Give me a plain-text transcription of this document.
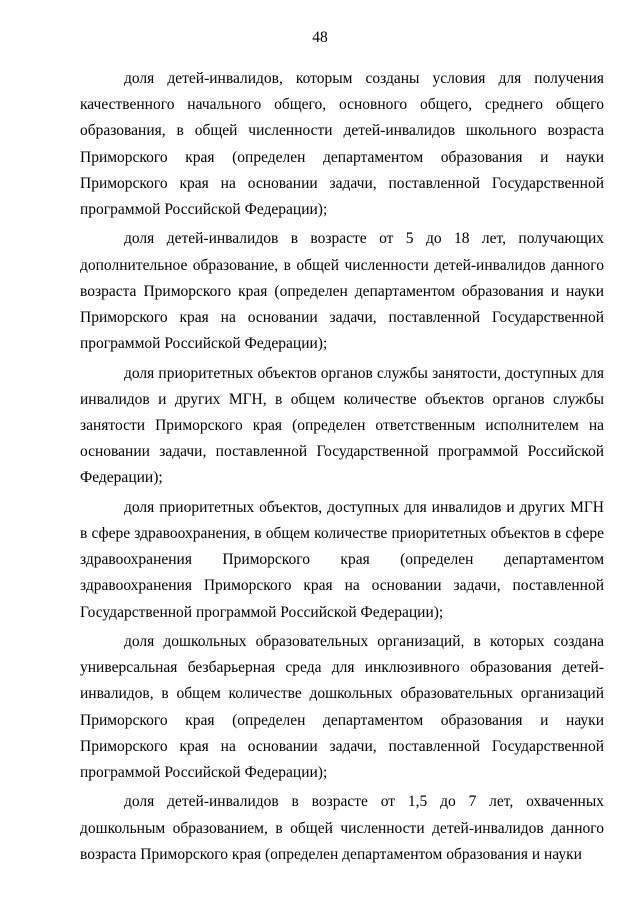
48

доля детей-инвалидов, которым созданы условия для получения качественного начального общего, основного общего, среднего общего образования, в общей численности детей-инвалидов школьного возраста Приморского края (определен департаментом образования и науки Приморского края на основании задачи, поставленной Государственной программой Российской Федерации);

доля детей-инвалидов в возрасте от 5 до 18 лет, получающих дополнительное образование, в общей численности детей-инвалидов данного возраста Приморского края (определен департаментом образования и науки Приморского края на основании задачи, поставленной Государственной программой Российской Федерации);

доля приоритетных объектов органов службы занятости, доступных для инвалидов и других МГН, в общем количестве объектов органов службы занятости Приморского края (определен ответственным исполнителем на основании задачи, поставленной Государственной программой Российской Федерации);

доля приоритетных объектов, доступных для инвалидов и других МГН в сфере здравоохранения, в общем количестве приоритетных объектов в сфере здравоохранения Приморского края (определен департаментом здравоохранения Приморского края на основании задачи, поставленной Государственной программой Российской Федерации);

доля дошкольных образовательных организаций, в которых создана универсальная безбарьерная среда для инклюзивного образования детей-инвалидов, в общем количестве дошкольных образовательных организаций Приморского края (определен департаментом образования и науки Приморского края на основании задачи, поставленной Государственной программой Российской Федерации);

доля детей-инвалидов в возрасте от 1,5 до 7 лет, охваченных дошкольным образованием, в общей численности детей-инвалидов данного возраста Приморского края (определен департаментом образования и науки
